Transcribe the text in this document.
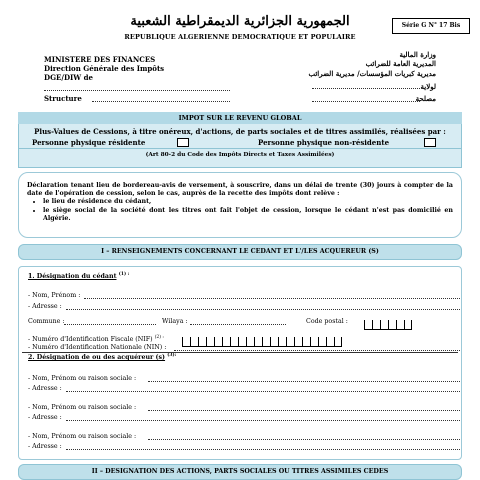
الجمهورية الجزائرية الديمقراطية الشعبية
REPUBLIQUE ALGERIENNE DEMOCRATIQUE ET POPULAIRE
Série G N° 17 Bis
MINISTERE DES FINANCES
Direction Générale des Impôts
DGE/DIW de
Structure
وزارة المالية
المديرية العامة للضرائب
مديرية كبريات المؤسسات/ مديرية الضرائب
لولاية
مصلحة
IMPOT SUR LE REVENU GLOBAL
Plus-Values de Cessions, à titre onéreux, d'actions, de parts sociales et de titres assimilés, réalisées par :
Personne physique résidente	Personne physique non-résidente
(Art 80-2 du Code des Impôts Directs et Taxes Assimilées)

Déclaration tenant lieu de bordereau-avis de versement, à souscrire, dans un délai de trente (30) jours à compter de la date de l'opération de cession, selon le cas, auprès de la recette des impôts dont relève :

• le lieu de résidence du cédant,
• le siège social de la société dont les titres ont fait l'objet de cession, lorsque le cédant n'est pas domicilié en Algérie.
I – RENSEIGNEMENTS CONCERNANT LE CEDANT ET L'/LES ACQUEREUR (S)
1. Désignation du cédant $^{(1) :}$
- Nom, Prénom :
- Adresse :
Commune :	Wilaya :	Code postal :
- Numéro d'Identification Fiscale (NIF) $^{(2) :}$
- Numéro d'Identification Nationale (NIN) :
2. Désignation de ou des acquéreur (s) $^{(3):}$
- Nom, Prénom ou raison sociale :
- Adresse :
- Nom, Prénom ou raison sociale :
- Adresse :
- Nom, Prénom ou raison sociale :
- Adresse :
II – DESIGNATION DES ACTIONS, PARTS SOCIALES OU TITRES ASSIMILES CEDES
